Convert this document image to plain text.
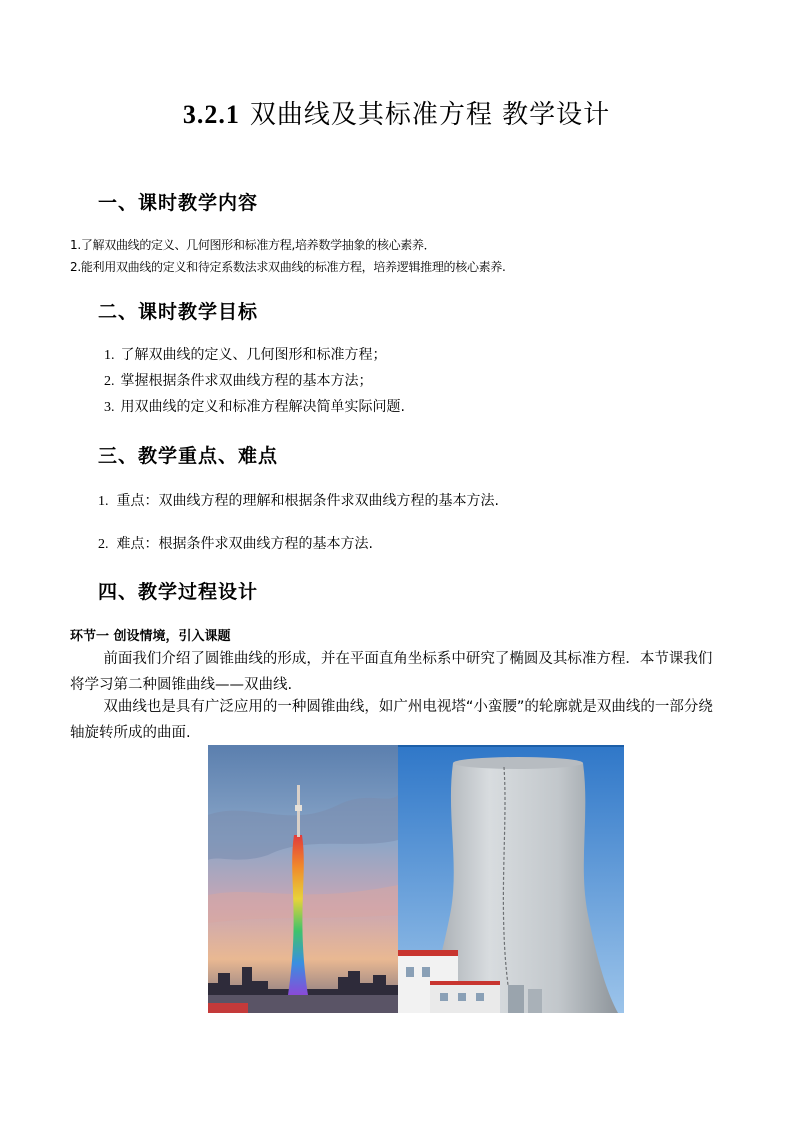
3.2.1 双曲线及其标准方程 教学设计
一、课时教学内容
1.了解双曲线的定义、几何图形和标准方程,培养数学抽象的核心素养．
2.能利用双曲线的定义和待定系数法求双曲线的标准方程，培养逻辑推理的核心素养.
二、课时教学目标
1. 了解双曲线的定义、几何图形和标准方程；
2. 掌握根据条件求双曲线方程的基本方法；
3. 用双曲线的定义和标准方程解决简单实际问题.
三、教学重点、难点
1. 重点：双曲线方程的理解和根据条件求双曲线方程的基本方法.
2. 难点：根据条件求双曲线方程的基本方法.
四、教学过程设计
环节一 创设情境，引入课题
前面我们介绍了圆锥曲线的形成，并在平面直角坐标系中研究了椭圆及其标准方程．本节课我们将学习第二种圆锥曲线——双曲线.
双曲线也是具有广泛应用的一种圆锥曲线，如广州电视塔“小蛮腰”的轮廓就是双曲线的一部分绕轴旋转所成的曲面.
